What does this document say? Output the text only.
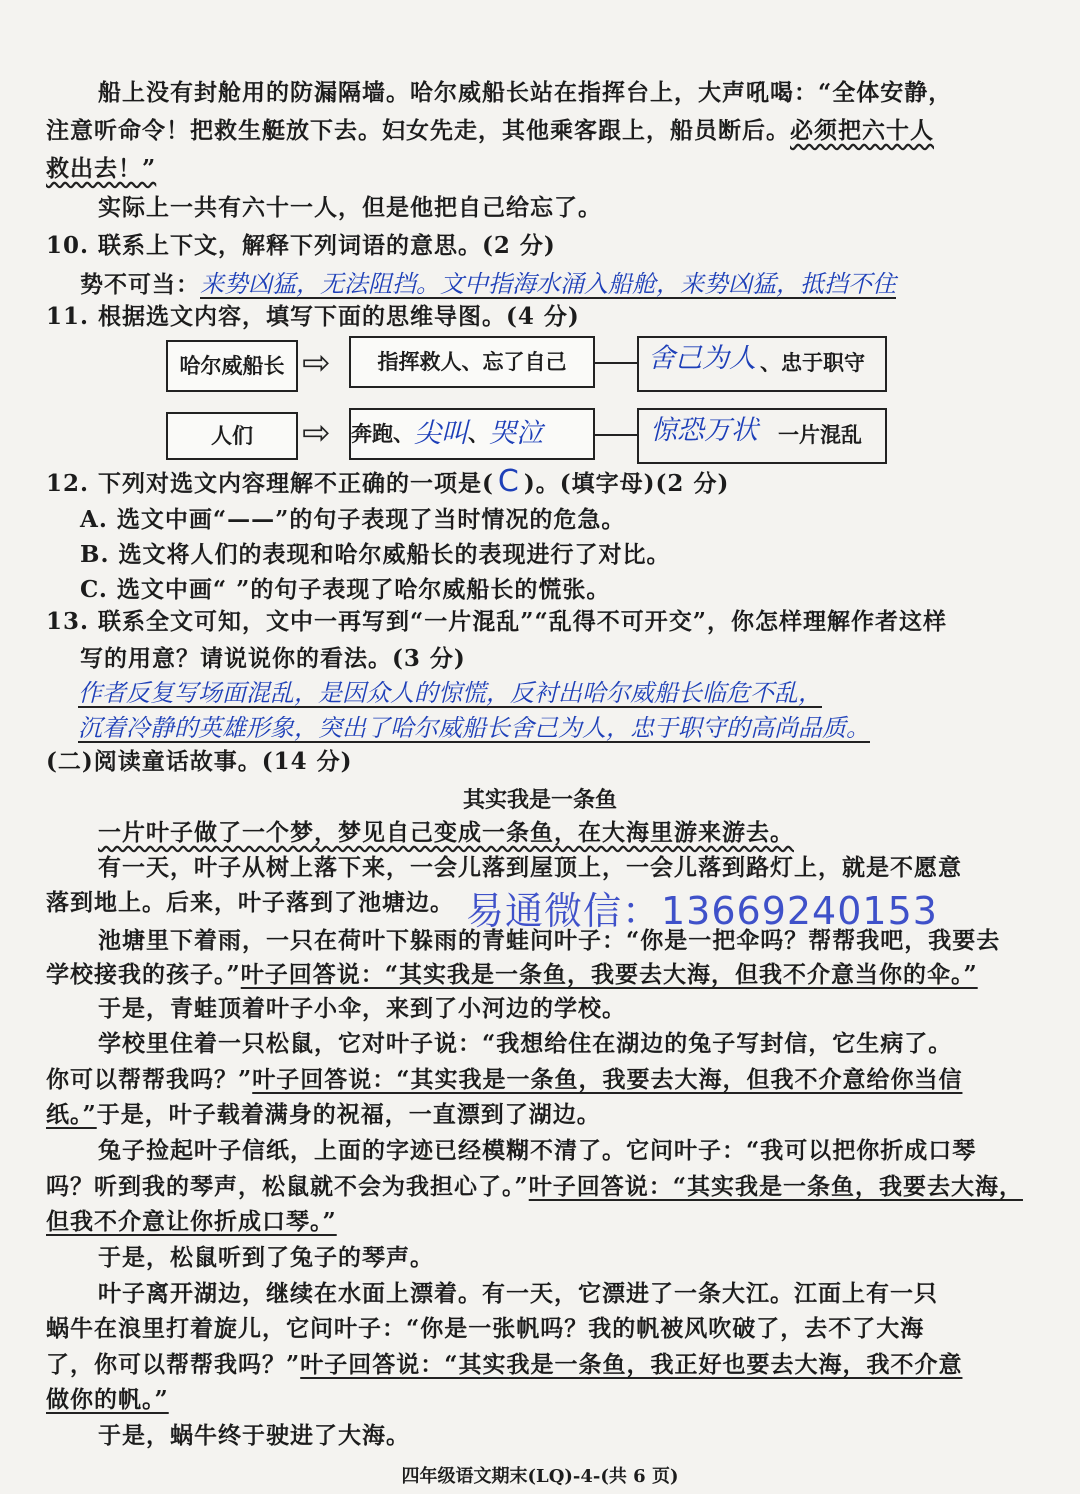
船上没有封舱用的防漏隔墙。哈尔威船长站在指挥台上，大声吼喝：“全体安静，
注意听命令！把救生艇放下去。妇女先走，其他乘客跟上，船员断后。必须把六十人
救出去！”
实际上一共有六十一人，但是他把自己给忘了。
10. 联系上下文，解释下列词语的意思。(2 分)
势不可当：来势凶猛，无法阻挡。文中指海水涌入船舱，来势凶猛，抵挡不住
11. 根据选文内容，填写下面的思维导图。(4 分)
哈尔威船长 ⇨	指挥救人、忘了自己	舍己为人 、忠于职守
人们	⇨ 奔跑、 尖叫 、 哭泣	惊恐万状 一片混乱
12. 下列对选文内容理解不正确的一项是( C )。(填字母)(2 分)
A. 选文中画“——”的句子表现了当时情况的危急。
B. 选文将人们的表现和哈尔威船长的表现进行了对比。
C. 选文中画“ ”的句子表现了哈尔威船长的慌张。
13. 联系全文可知，文中一再写到“一片混乱”“乱得不可开交”，你怎样理解作者这样
写的用意？请说说你的看法。(3 分)
作者反复写场面混乱，是因众人的惊慌，反衬出哈尔威船长临危不乱，
沉着冷静的英雄形象，突出了哈尔威船长舍己为人，忠于职守的高尚品质。
(二)阅读童话故事。(14 分)
其实我是一条鱼
一片叶子做了一个梦，梦见自己变成一条鱼，在大海里游来游去。
有一天，叶子从树上落下来，一会儿落到屋顶上，一会儿落到路灯上，就是不愿意
落到地上。后来，叶子落到了池塘边。
池塘里下着雨，一只在荷叶下躲雨的青蛙问叶子：“你是一把伞吗？帮帮我吧，我要去
学校接我的孩子。”叶子回答说：“其实我是一条鱼，我要去大海，但我不介意当你的伞。”
于是，青蛙顶着叶子小伞，来到了小河边的学校。
学校里住着一只松鼠，它对叶子说：“我想给住在湖边的兔子写封信，它生病了。
你可以帮帮我吗？”叶子回答说：“其实我是一条鱼，我要去大海，但我不介意给你当信
纸。”于是，叶子载着满身的祝福，一直漂到了湖边。
兔子捡起叶子信纸，上面的字迹已经模糊不清了。它问叶子：“我可以把你折成口琴
吗？听到我的琴声，松鼠就不会为我担心了。”叶子回答说：“其实我是一条鱼，我要去大海，
但我不介意让你折成口琴。”
于是，松鼠听到了兔子的琴声。
叶子离开湖边，继续在水面上漂着。有一天，它漂进了一条大江。江面上有一只
蜗牛在浪里打着旋儿，它问叶子：“你是一张帆吗？我的帆被风吹破了，去不了大海
了，你可以帮帮我吗？”叶子回答说：“其实我是一条鱼，我正好也要去大海，我不介意
做你的帆。”
于是，蜗牛终于驶进了大海。
易通微信：13669240153
四年级语文期末(LQ)-4-(共 6 页)
